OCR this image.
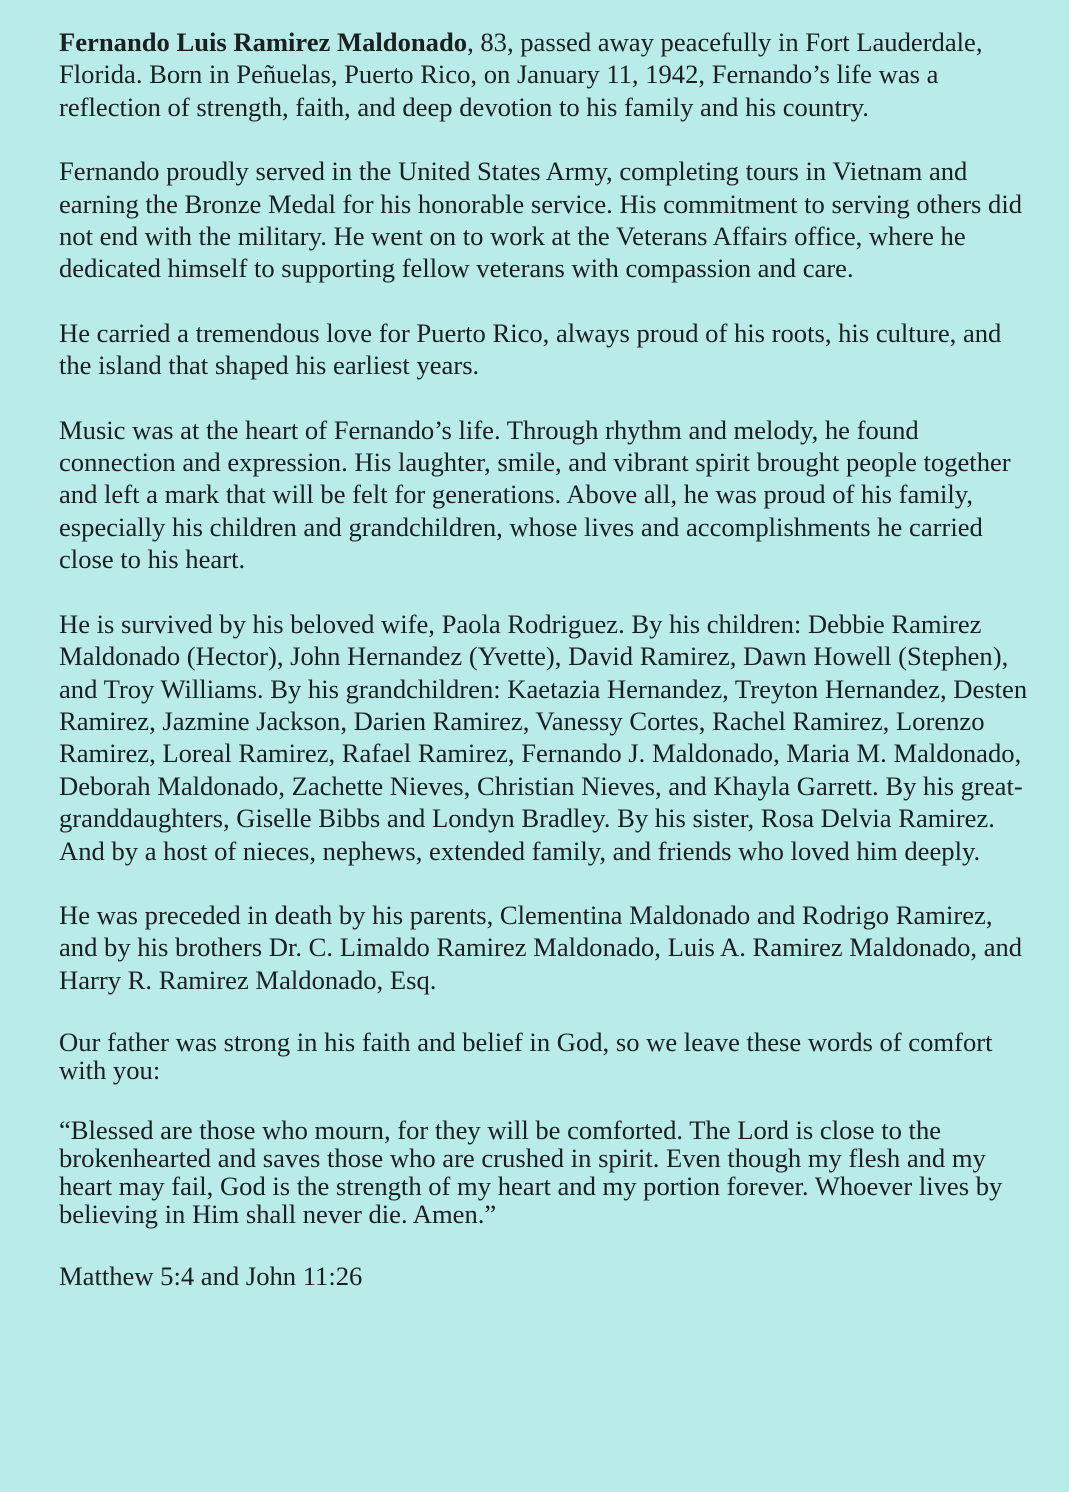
Fernando Luis Ramirez Maldonado, 83, passed away peacefully in Fort Lauderdale, Florida. Born in Peñuelas, Puerto Rico, on January 11, 1942, Fernando’s life was a reflection of strength, faith, and deep devotion to his family and his country.

Fernando proudly served in the United States Army, completing tours in Vietnam and earning the Bronze Medal for his honorable service. His commitment to serving others did not end with the military. He went on to work at the Veterans Affairs office, where he dedicated himself to supporting fellow veterans with compassion and care.

He carried a tremendous love for Puerto Rico, always proud of his roots, his culture, and the island that shaped his earliest years.

Music was at the heart of Fernando’s life. Through rhythm and melody, he found connection and expression. His laughter, smile, and vibrant spirit brought people together and left a mark that will be felt for generations. Above all, he was proud of his family, especially his children and grandchildren, whose lives and accomplishments he carried close to his heart.

He is survived by his beloved wife, Paola Rodriguez. By his children: Debbie Ramirez Maldonado (Hector), John Hernandez (Yvette), David Ramirez, Dawn Howell (Stephen), and Troy Williams. By his grandchildren: Kaetazia Hernandez, Treyton Hernandez, Desten Ramirez, Jazmine Jackson, Darien Ramirez, Vanessy Cortes, Rachel Ramirez, Lorenzo Ramirez, Loreal Ramirez, Rafael Ramirez, Fernando J. Maldonado, Maria M. Maldonado, Deborah Maldonado, Zachette Nieves, Christian Nieves, and Khayla Garrett. By his great-granddaughters, Giselle Bibbs and Londyn Bradley. By his sister, Rosa Delvia Ramirez. And by a host of nieces, nephews, extended family, and friends who loved him deeply.

He was preceded in death by his parents, Clementina Maldonado and Rodrigo Ramirez, and by his brothers Dr. C. Limaldo Ramirez Maldonado, Luis A. Ramirez Maldonado, and Harry R. Ramirez Maldonado, Esq.

Our father was strong in his faith and belief in God, so we leave these words of comfort with you:

“Blessed are those who mourn, for they will be comforted. The Lord is close to the brokenhearted and saves those who are crushed in spirit. Even though my flesh and my heart may fail, God is the strength of my heart and my portion forever. Whoever lives by believing in Him shall never die. Amen.”

Matthew 5:4 and John 11:26
